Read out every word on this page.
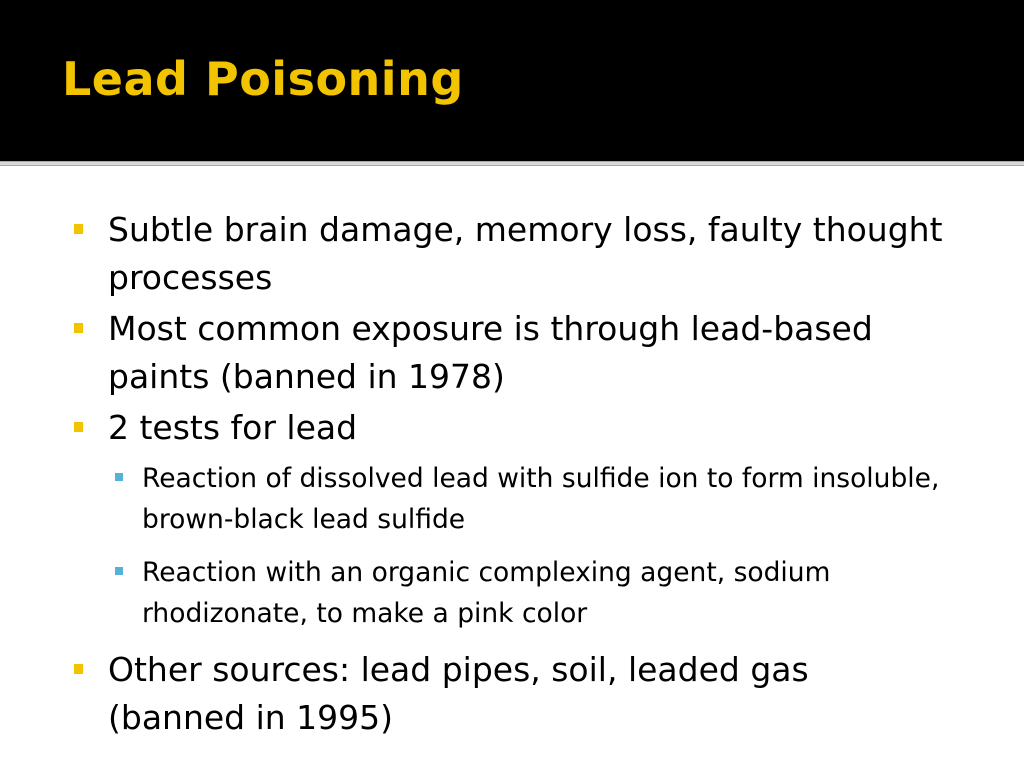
Lead Poisoning
Subtle brain damage, memory loss, faulty thought processes
Most common exposure is through lead-based paints (banned in 1978)
2 tests for lead
Reaction of dissolved lead with sulfide ion to form insoluble, brown-black lead sulfide
Reaction with an organic complexing agent, sodium rhodizonate, to make a pink color
Other sources: lead pipes, soil, leaded gas (banned in 1995)
